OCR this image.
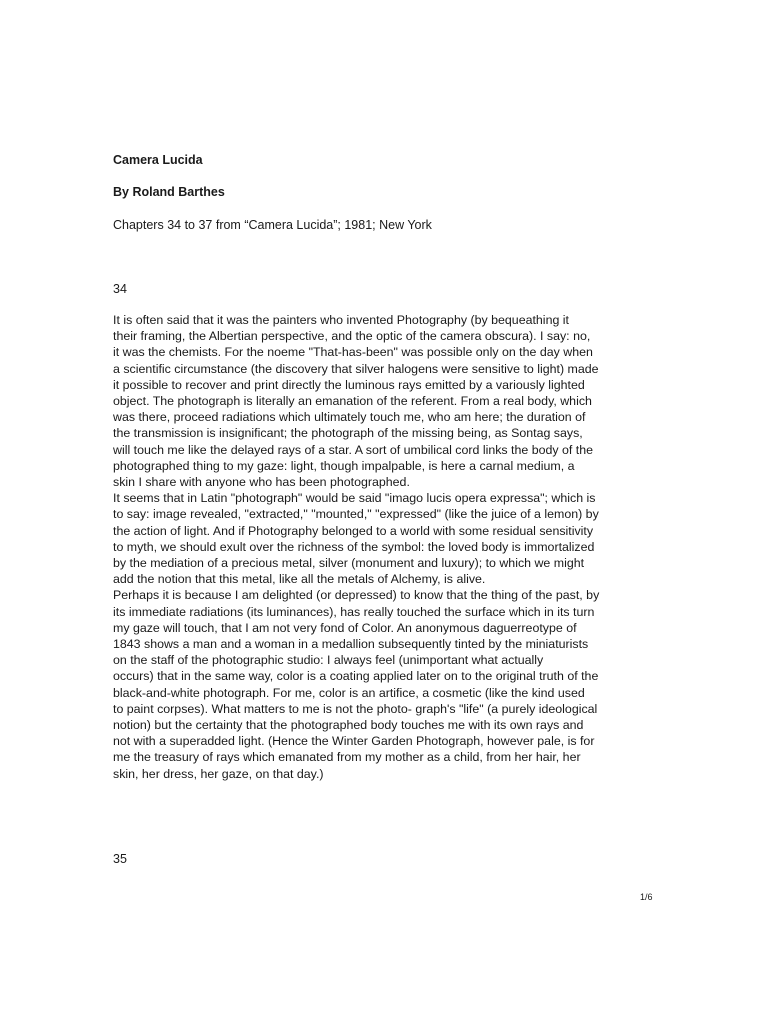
Camera Lucida

By Roland Barthes

Chapters 34 to 37 from “Camera Lucida”; 1981; New York

34

It is often said that it was the painters who invented Photography (by bequeathing it
their framing, the Albertian perspective, and the optic of the camera obscura). I say: no,
it was the chemists. For the noeme "That-has-been" was possible only on the day when
a scientific circumstance (the discovery that silver halogens were sensitive to light) made
it possible to recover and print directly the luminous rays emitted by a variously lighted
object. The photograph is literally an emanation of the referent. From a real body, which
was there, proceed radiations which ultimately touch me, who am here; the duration of
the transmission is insignificant; the photograph of the missing being, as Sontag says,
will touch me like the delayed rays of a star. A sort of umbilical cord links the body of the
photographed thing to my gaze: light, though impalpable, is here a carnal medium, a
skin I share with anyone who has been photographed.
It seems that in Latin "photograph" would be said "imago lucis opera expressa"; which is
to say: image revealed, "extracted," "mounted," "expressed" (like the juice of a lemon) by
the action of light. And if Photography belonged to a world with some residual sensitivity
to myth, we should exult over the richness of the symbol: the loved body is immortalized
by the mediation of a precious metal, silver (monument and luxury); to which we might
add the notion that this metal, like all the metals of Alchemy, is alive.
Perhaps it is because I am delighted (or depressed) to know that the thing of the past, by
its immediate radiations (its luminances), has really touched the surface which in its turn
my gaze will touch, that I am not very fond of Color. An anonymous daguerreotype of
1843 shows a man and a woman in a medallion subsequently tinted by the miniaturists
on the staff of the photographic studio: I always feel (unimportant what actually
occurs) that in the same way, color is a coating applied later on to the original truth of the
black-and-white photograph. For me, color is an artifice, a cosmetic (like the kind used
to paint corpses). What matters to me is not the photo- graph's "life" (a purely ideological
notion) but the certainty that the photographed body touches me with its own rays and
not with a superadded light. (Hence the Winter Garden Photograph, however pale, is for
me the treasury of rays which emanated from my mother as a child, from her hair, her
skin, her dress, her gaze, on that day.)

35

1/6
